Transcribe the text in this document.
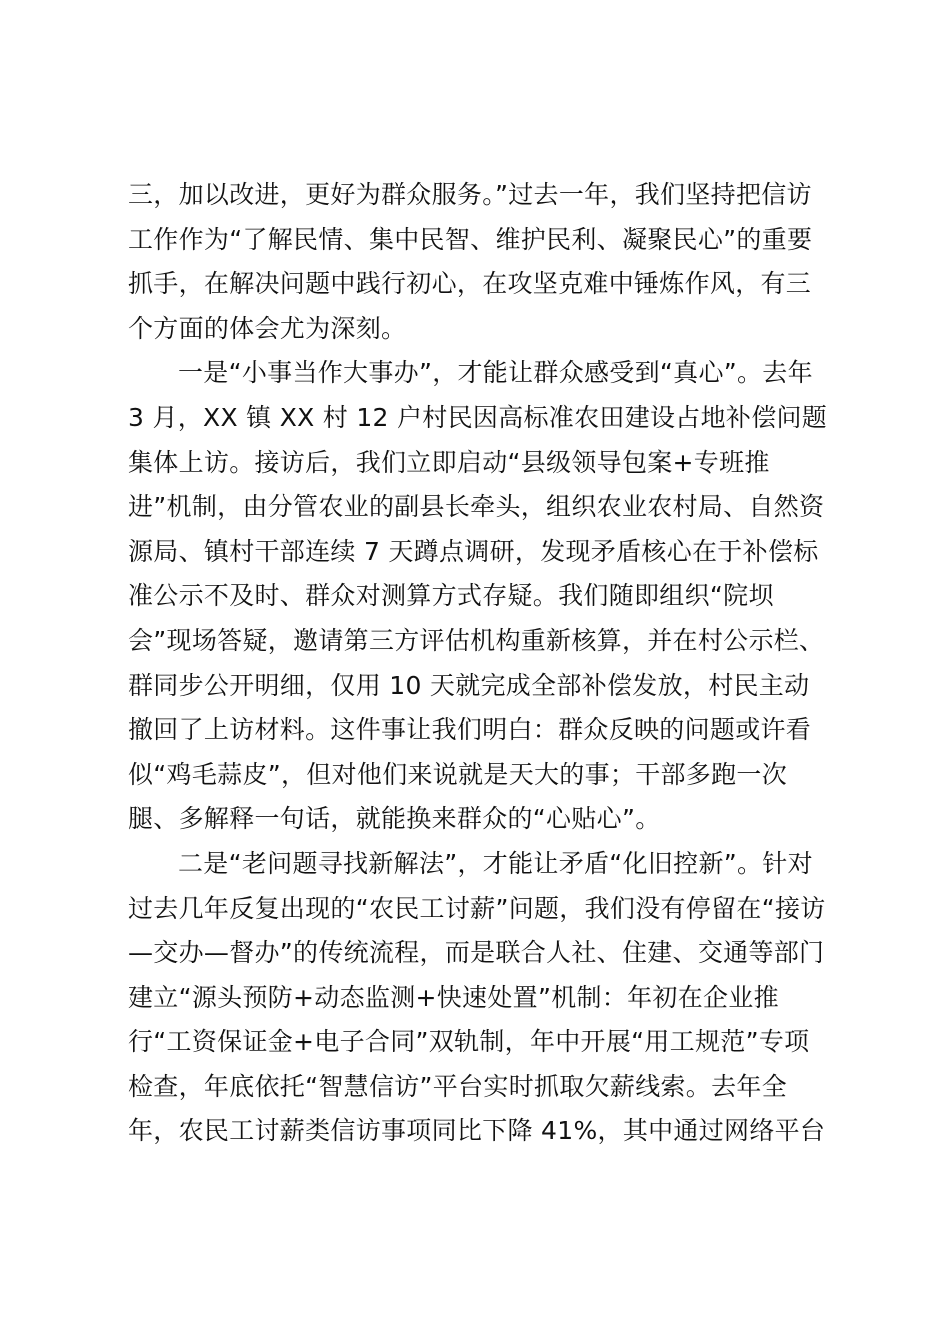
三，加以改进，更好为群众服务。”过去一年，我们坚持把信访
工作作为“了解民情、集中民智、维护民利、凝聚民心”的重要
抓手，在解决问题中践行初心，在攻坚克难中锤炼作风，有三
个方面的体会尤为深刻。
一是“小事当作大事办”，才能让群众感受到“真心”。去年
3 月，XX 镇 XX 村 12 户村民因高标准农田建设占地补偿问题
集体上访。接访后，我们立即启动“县级领导包案+专班推
进”机制，由分管农业的副县长牵头，组织农业农村局、自然资
源局、镇村干部连续 7 天蹲点调研，发现矛盾核心在于补偿标
准公示不及时、群众对测算方式存疑。我们随即组织“院坝
会”现场答疑，邀请第三方评估机构重新核算，并在村公示栏、
群同步公开明细，仅用 10 天就完成全部补偿发放，村民主动
撤回了上访材料。这件事让我们明白：群众反映的问题或许看
似“鸡毛蒜皮”，但对他们来说就是天大的事；干部多跑一次
腿、多解释一句话，就能换来群众的“心贴心”。
二是“老问题寻找新解法”，才能让矛盾“化旧控新”。针对
过去几年反复出现的“农民工讨薪”问题，我们没有停留在“接访
—交办—督办”的传统流程，而是联合人社、住建、交通等部门
建立“源头预防+动态监测+快速处置”机制：年初在企业推
行“工资保证金+电子合同”双轨制，年中开展“用工规范”专项
检查，年底依托“智慧信访”平台实时抓取欠薪线索。去年全
年，农民工讨薪类信访事项同比下降 41%，其中通过网络平台
